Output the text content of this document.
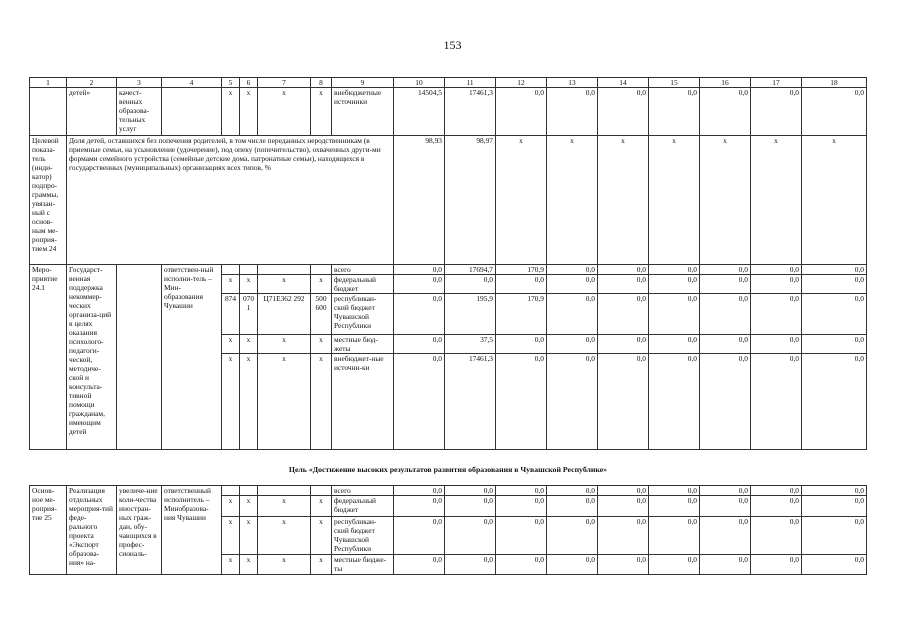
153
1	2	3	4	5	6	7	8	9	10	11	12	13	14	15	16	17	18
	детей»	качест-венных образова-тельных услуг		х	х	х	х	внебюджетные источники	14504,5	17461,3	0,0	0,0	0,0	0,0	0,0	0,0	0,0
Целевой показа-тель (инди-катор) подпро-граммы, увязан-ный с основ-ным ме-роприя-тием 24	Доля детей, оставшихся без попечения родителей, в том числе переданных неродственникам (в приемные семьи, на усыновление (удочерение), под опеку (попечительство), охваченных други-ми формами семейного устройства (семейные детские дома, патронатные семьи), находящихся в государственных (муниципальных) организациях всех типов, %								98,93	98,97	х	х	х	х	х	х	х
Меро-приятие 24.1	Государст-венная поддержка некоммер-ческих организа-ций в целях оказания психолого-педагоги-ческой, методиче-ской и консульта-тивной помощи гражданам, имеющим детей		ответствен-ный исполни-тель – Мин-образования Чувашии					всего	0,0	17694,7	170,9	0,0	0,0	0,0	0,0	0,0	0,0
				х	х	х	х	федеральный бюджет	0,0	0,0	0,0	0,0	0,0	0,0	0,0	0,0	0,0
				874	0701	Ц71Е362 292	500 600	республикан-ский бюджет Чувашской Республики	0,0	195,9	170,9	0,0	0,0	0,0	0,0	0,0	0,0
				х	х	х	х	местные бюд-жеты	0,0	37,5	0,0	0,0	0,0	0,0	0,0	0,0	0,0
				х	х	х	х	внебюджет-ные источни-ки	0,0	17461,3	0,0	0,0	0,0	0,0	0,0	0,0	0,0
Цель «Достижение высоких результатов развития образования в Чувашской Республике»
Основ-ное ме-роприя-тие 25	Реализация отдельных мероприя-тий феде-рального проекта «Экспорт образова-ния» на-	увеличе-ние коли-чества иностран-ных граж-дан, обу-чающихся в профес-сиональ-	ответственный исполнитель – Минобразова-ния Чувашии					всего	0,0	0,0	0,0	0,0	0,0	0,0	0,0	0,0	0,0
				х	х	х	х	федеральный бюджет	0,0	0,0	0,0	0,0	0,0	0,0	0,0	0,0	0,0
				х	х	х	х	республикан-ский бюджет Чувашской Республики	0,0	0,0	0,0	0,0	0,0	0,0	0,0	0,0	0,0
				х	х	х	х	местные бюдже-ты	0,0	0,0	0,0	0,0	0,0	0,0	0,0	0,0	0,0
